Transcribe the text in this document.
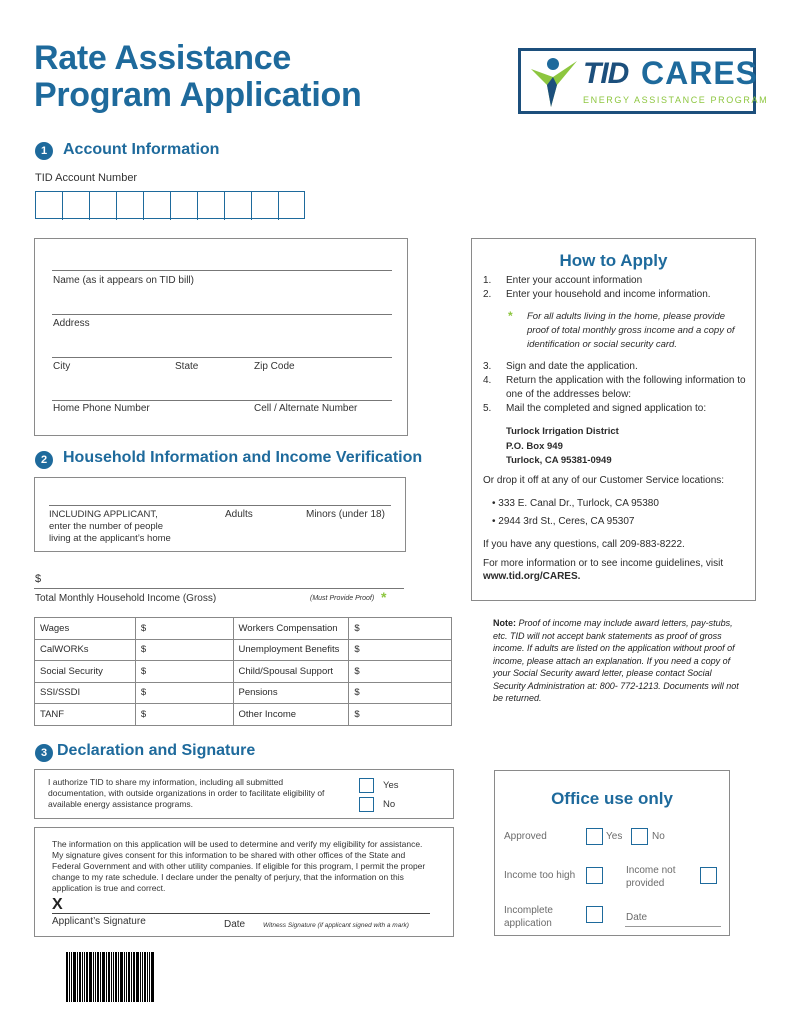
Rate Assistance
Program Application
TID CARES
ENERGY ASSISTANCE PROGRAM
1 Account Information
TID Account Number
Name (as it appears on TID bill)
Address
City	State	Zip Code
Home Phone Number	Cell / Alternate Number
2 Household Information and Income Verification
INCLUDING APPLICANT,
enter the number of people
living at the applicant’s home
Adults	Minors (under 18)
$
Total Monthly Household Income (Gross)	(Must Provide Proof) *
Wages	$	Workers Compensation	$
CalWORKs	$	Unemployment Benefits	$
Social Security	$	Child/Spousal Support	$
SSI/SSDI	$	Pensions	$
TANF	$	Other Income	$
3 Declaration and Signature
I authorize TID to share my information, including all submitted documentation, with outside organizations in order to facilitate eligibility of available energy assistance programs.
Yes
No
The information on this application will be used to determine and verify my eligibility for assistance. My signature gives consent for this information to be shared with other offices of the State and Federal Government and with other utility companies. If eligible for this program, I permit the proper change to my rate schedule. I declare under the penalty of perjury, that the information on this application is true and correct.
X
Applicant’s Signature	Date	Witness Signature (if applicant signed with a mark)
How to Apply
1.	Enter your account information
2.	Enter your household and income information.
* For all adults living in the home, please provide proof of total monthly gross income and a copy of identification or social security card.
3.	Sign and date the application.
4.	Return the application with the following information to one of the addresses below:
5.	Mail the completed and signed application to:
Turlock Irrigation District
P.O. Box 949
Turlock, CA 95381-0949
Or drop it off at any of our Customer Service locations:
• 333 E. Canal Dr., Turlock, CA 95380
• 2944 3rd St., Ceres, CA 95307
If you have any questions, call 209-883-8222.
For more information or to see income guidelines, visit
www.tid.org/CARES.
Note: Proof of income may include award letters, pay-stubs, etc. TID will not accept bank statements as proof of gross income. If adults are listed on the application without proof of income, please attach an explanation. If you need a copy of your Social Security award letter, please contact Social Security Administration at: 800- 772-1213. Documents will not be returned.
Office use only
Approved	Yes	No
Income too high	Income not
provided
Incomplete
application
Date
